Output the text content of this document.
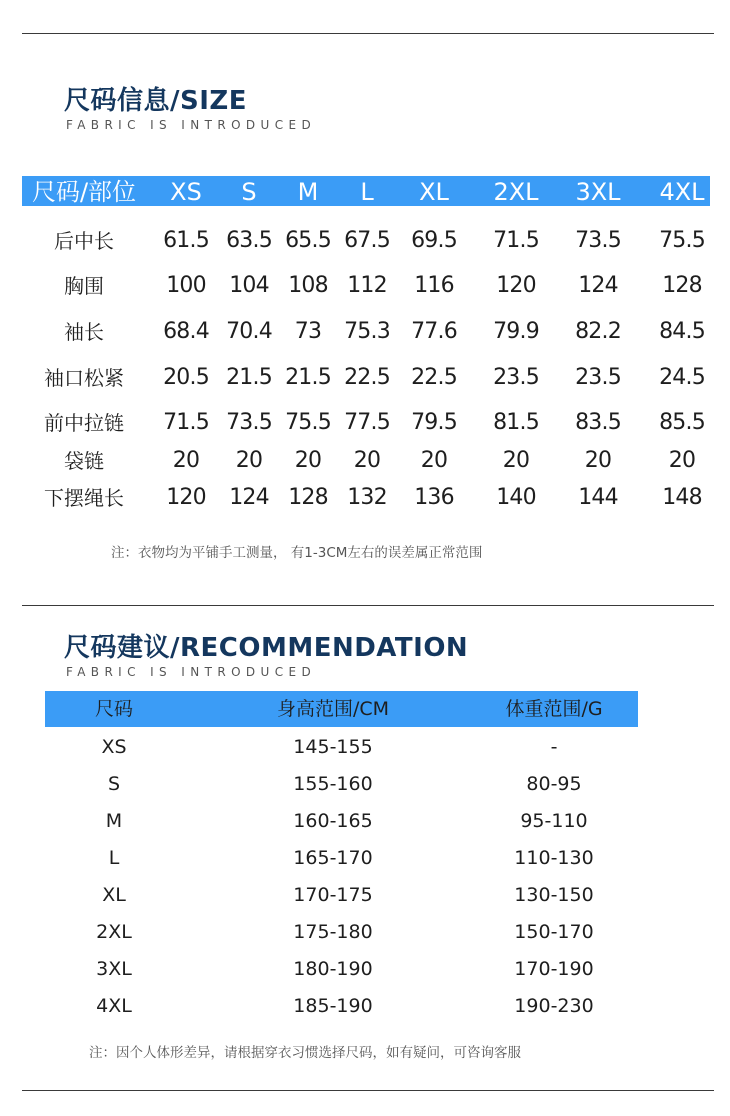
尺码信息/SIZE
FABRIC IS INTRODUCED
尺码/部位 XS S M L XL 2XL 3XL 4XL
后中长 61.5 63.5 65.5 67.5 69.5 71.5 73.5 75.5
胸围	100 104 108 112 116 120 124 128
袖长	68.4 70.4 73 75.3 77.6 79.9 82.2 84.5
袖口松紧 20.5 21.5 21.5 22.5 22.5 23.5 23.5 24.5
前中拉链 71.5 73.5 75.5 77.5 79.5 81.5 83.5 85.5
袋链	20 20 20 20 20	20	20	20
下摆绳长 120 124 128 132 136 140 144 148
注：衣物均为平铺手工测量， 有1-3CM左右的误差属正常范围
尺码建议/RECOMMENDATION
FABRIC IS INTRODUCED
尺码	身高范围/CM	体重范围/G
XS	145-155	-
S	155-160	80-95
M	160-165	95-110
L	165-170	110-130
XL	170-175	130-150
2XL	175-180	150-170
3XL	180-190	170-190
4XL	185-190	190-230
注：因个人体形差异，请根据穿衣习惯选择尺码，如有疑问，可咨询客服
